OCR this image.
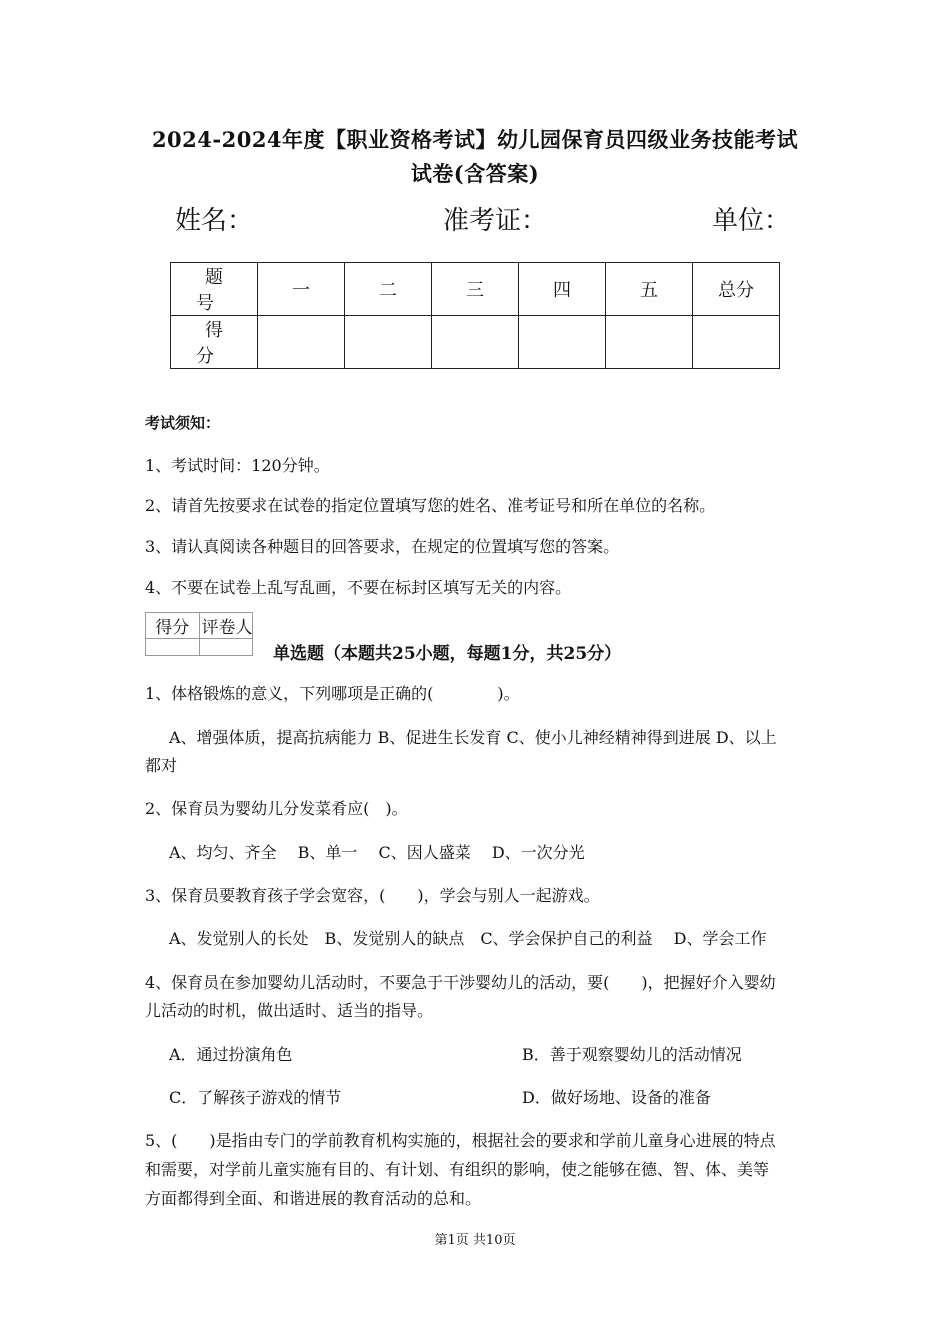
2024-2024年度【职业资格考试】幼儿园保育员四级业务技能考试
试卷(含答案)
姓名：	准考证：	单位：
题 号	一	二	三	四	五	总分
得 分						
考试须知：
1、考试时间：120分钟。
2、请首先按要求在试卷的指定位置填写您的姓名、准考证号和所在单位的名称。
3、请认真阅读各种题目的回答要求，在规定的位置填写您的答案。
4、不要在试卷上乱写乱画，不要在标封区填写无关的内容。
得分	评卷人

单选题（本题共25小题，每题1分，共25分）
1、体格锻炼的意义，下列哪项是正确的(　　　　)。
A、增强体质，提高抗病能力 B、促进生长发育 C、使小儿神经精神得到进展 D、以上
都对
2、保育员为婴幼儿分发菜肴应(　)。
A、均匀、齐全　 B、单一　 C、因人盛菜　 D、一次分光
3、保育员要教育孩子学会宽容，(　　)，学会与别人一起游戏。
A、发觉别人的长处　B、发觉别人的缺点　C、学会保护自己的利益　 D、学会工作
4、保育员在参加婴幼儿活动时，不要急于干涉婴幼儿的活动，要(　　)，把握好介入婴幼
儿活动的时机，做出适时、适当的指导。
A．通过扮演角色	B．善于观察婴幼儿的活动情况
C．了解孩子游戏的情节	D．做好场地、设备的准备
5、(　　)是指由专门的学前教育机构实施的，根据社会的要求和学前儿童身心进展的特点
和需要，对学前儿童实施有目的、有计划、有组织的影响，使之能够在德、智、体、美等
方面都得到全面、和谐进展的教育活动的总和。
第1页 共10页
